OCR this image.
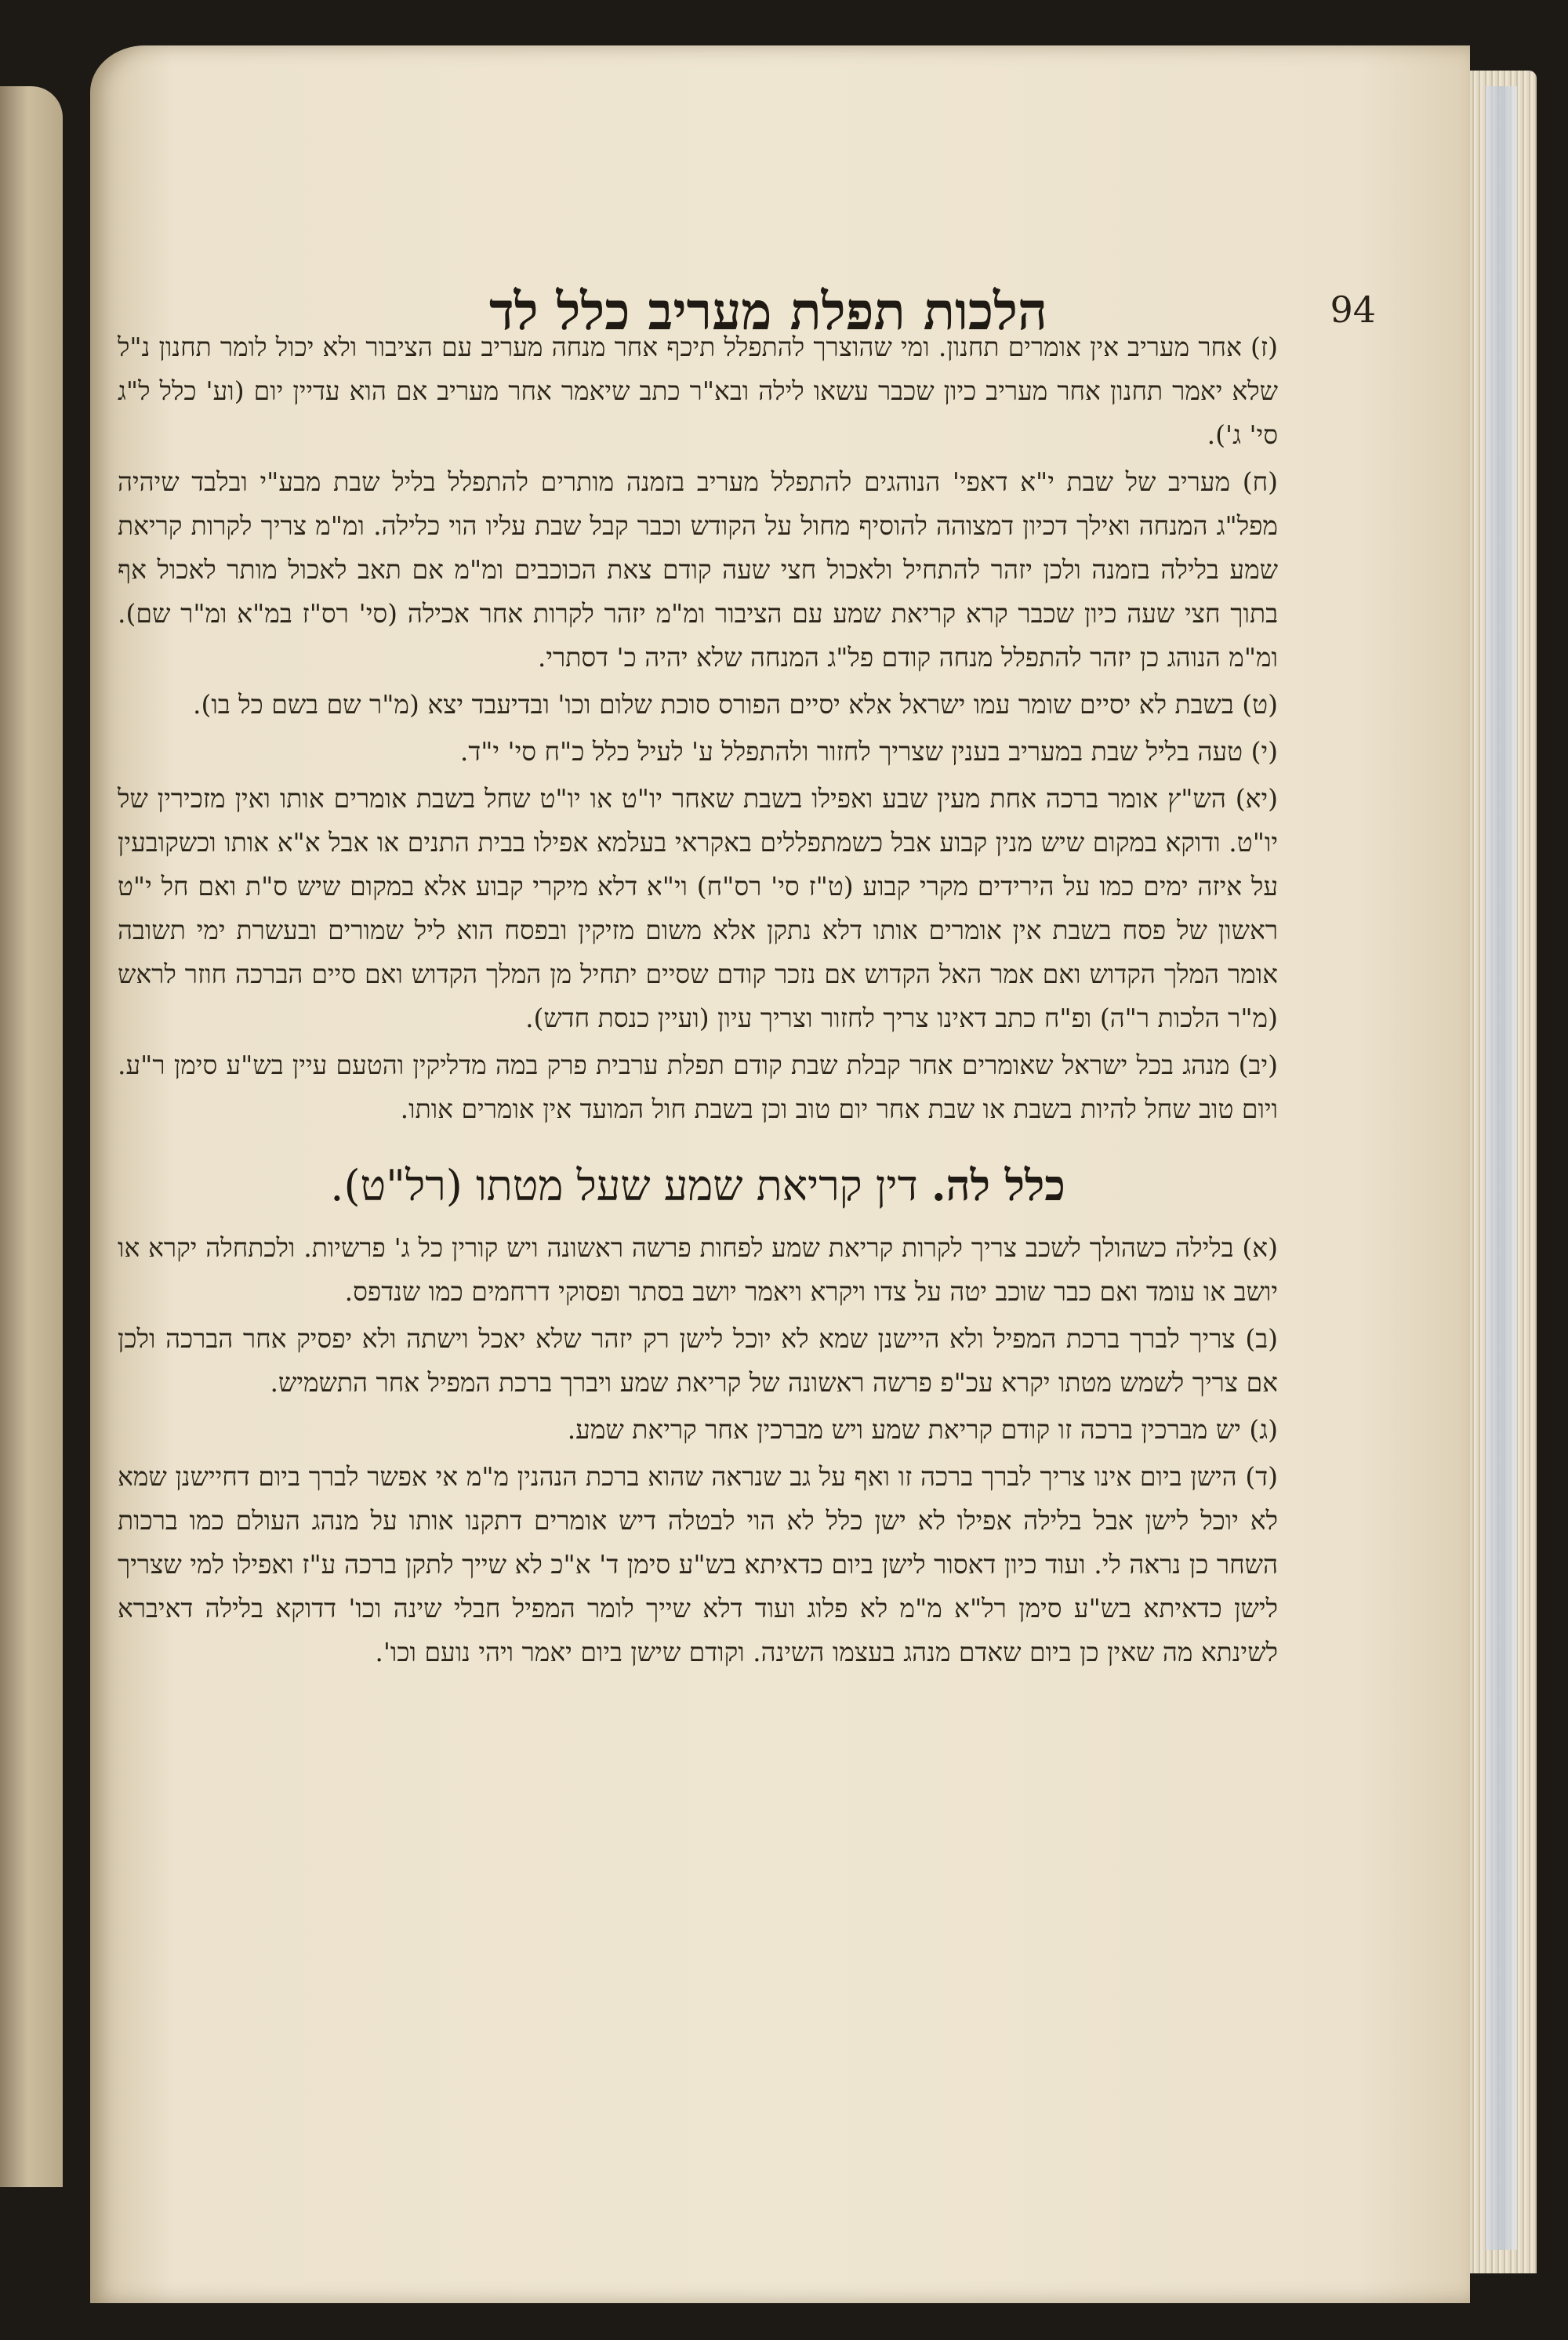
הלכות תפלת מעריב כלל לד	94

(ז) אחר מעריב אין אומרים תחנון. ומי שהוצרך להתפלל תיכף אחר מנחה מעריב עם הציבור ולא יכול לומר תחנון נ"ל שלא יאמר תחנון אחר מעריב כיון שכבר עשאו לילה ובא"ר כתב שיאמר אחר מעריב אם הוא עדיין יום (וע' כלל ל"ג סי' ג').

(ח) מעריב של שבת י"א דאפי' הנוהגים להתפלל מעריב בזמנה מותרים להתפלל בליל שבת מבע"י ובלבד שיהיה מפל"ג המנחה ואילך דכיון דמצוהה להוסיף מחול על הקודש וכבר קבל שבת עליו הוי כלילה. ומ"מ צריך לקרות קריאת שמע בלילה בזמנה ולכן יזהר להתחיל ולאכול חצי שעה קודם צאת הכוכבים ומ"מ אם תאב לאכול מותר לאכול אף בתוך חצי שעה כיון שכבר קרא קריאת שמע עם הציבור ומ"מ יזהר לקרות אחר אכילה (סי' רס"ז במ"א ומ"ר שם). ומ"מ הנוהג כן יזהר להתפלל מנחה קודם פל"ג המנחה שלא יהיה כ' דסתרי.

(ט) בשבת לא יסיים שומר עמו ישראל אלא יסיים הפורס סוכת שלום וכו' ובדיעבד יצא (מ"ר שם בשם כל בו).

(י) טעה בליל שבת במעריב בענין שצריך לחזור ולהתפלל ע' לעיל כלל כ"ח סי' י"ד.

(יא) הש"ץ אומר ברכה אחת מעין שבע ואפילו בשבת שאחר יו"ט או יו"ט שחל בשבת אומרים אותו ואין מזכירין של יו"ט. ודוקא במקום שיש מנין קבוע אבל כשמתפללים באקראי בעלמא אפילו בבית התנים או אבל א"א אותו וכשקובעין על איזה ימים כמו על הירידים מקרי קבוע (ט"ז סי' רס"ח) וי"א דלא מיקרי קבוע אלא במקום שיש ס"ת ואם חל י"ט ראשון של פסח בשבת אין אומרים אותו דלא נתקן אלא משום מזיקין ובפסח הוא ליל שמורים ובעשרת ימי תשובה אומר המלך הקדוש ואם אמר האל הקדוש אם נזכר קודם שסיים יתחיל מן המלך הקדוש ואם סיים הברכה חוזר לראש (מ"ר הלכות ר"ה) ופ"ח כתב דאינו צריך לחזור וצריך עיון (ועיין כנסת חדש).

(יב) מנהג בכל ישראל שאומרים אחר קבלת שבת קודם תפלת ערבית פרק במה מדליקין והטעם עיין בש"ע סימן ר"ע. ויום טוב שחל להיות בשבת או שבת אחר יום טוב וכן בשבת חול המועד אין אומרים אותו.

כלל לה. דין קריאת שמע שעל מטתו (רל"ט).

(א) בלילה כשהולך לשכב צריך לקרות קריאת שמע לפחות פרשה ראשונה ויש קורין כל ג' פרשיות. ולכתחלה יקרא או יושב או עומד ואם כבר שוכב יטה על צדו ויקרא ויאמר יושב בסתר ופסוקי דרחמים כמו שנדפס.

(ב) צריך לברך ברכת המפיל ולא היישנן שמא לא יוכל לישן רק יזהר שלא יאכל וישתה ולא יפסיק אחר הברכה ולכן אם צריך לשמש מטתו יקרא עכ"פ פרשה ראשונה של קריאת שמע ויברך ברכת המפיל אחר התשמיש.

(ג) יש מברכין ברכה זו קודם קריאת שמע ויש מברכין אחר קריאת שמע.

(ד) הישן ביום אינו צריך לברך ברכה זו ואף על גב שנראה שהוא ברכת הנהנין מ"מ אי אפשר לברך ביום דחיישנן שמא לא יוכל לישן אבל בלילה אפילו לא ישן כלל לא הוי לבטלה דיש אומרים דתקנו אותו על מנהג העולם כמו ברכות השחר כן נראה לי. ועוד כיון דאסור לישן ביום כדאיתא בש"ע סימן ד' א"כ לא שייך לתקן ברכה ע"ז ואפילו למי שצריך לישן כדאיתא בש"ע סימן רל"א מ"מ לא פלוג ועוד דלא שייך לומר המפיל חבלי שינה וכו' דדוקא בלילה דאיברא לשינתא מה שאין כן ביום שאדם מנהג בעצמו השינה. וקודם שישן ביום יאמר ויהי נועם וכו'.
